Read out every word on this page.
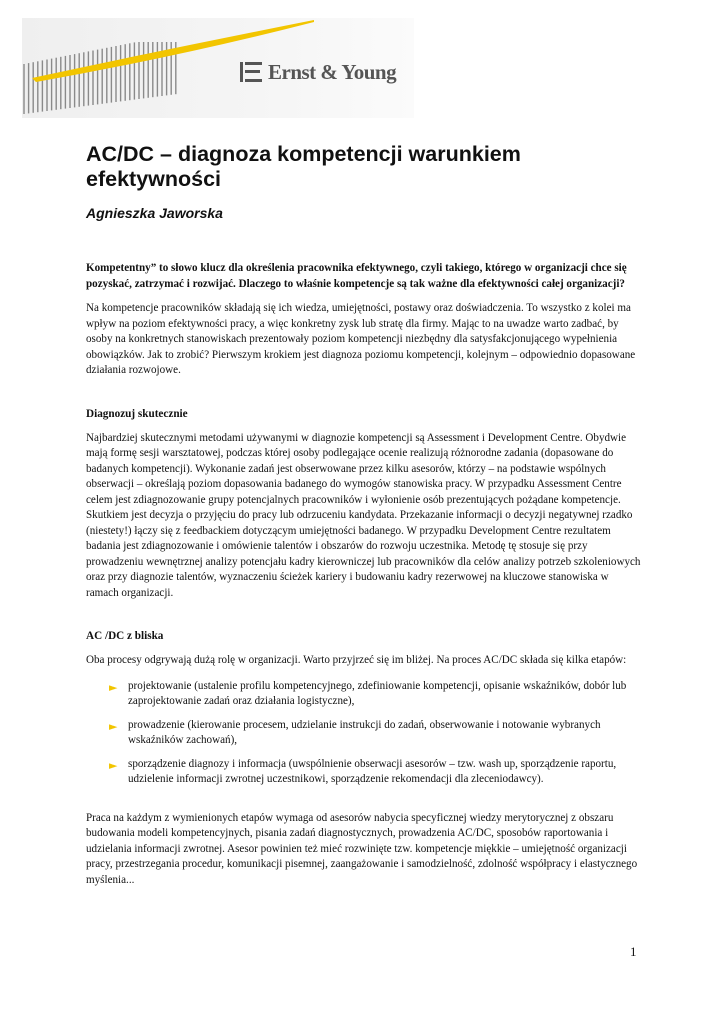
Ernst & Young
AC/DC – diagnoza kompetencji warunkiem efektywności
Agnieszka Jaworska

Kompetentny” to słowo klucz dla określenia pracownika efektywnego, czyli takiego, którego w organizacji chce się pozyskać, zatrzymać i rozwijać. Dlaczego to właśnie kompetencje są tak ważne dla efektywności całej organizacji?

Na kompetencje pracowników składają się ich wiedza, umiejętności, postawy oraz doświadczenia. To wszystko z kolei ma wpływ na poziom efektywności pracy, a więc konkretny zysk lub stratę dla firmy. Mając to na uwadze warto zadbać, by osoby na konkretnych stanowiskach prezentowały poziom kompetencji niezbędny dla satysfakcjonującego wypełnienia obowiązków. Jak to zrobić? Pierwszym krokiem jest diagnoza poziomu kompetencji, kolejnym – odpowiednio dopasowane działania rozwojowe.

Diagnozuj skutecznie

Najbardziej skutecznymi metodami używanymi w diagnozie kompetencji są Assessment i Development Centre. Obydwie mają formę sesji warsztatowej, podczas której osoby podlegające ocenie realizują różnorodne zadania (dopasowane do badanych kompetencji). Wykonanie zadań jest obserwowane przez kilku asesorów, którzy – na podstawie wspólnych obserwacji – określają poziom dopasowania badanego do wymogów stanowiska pracy. W przypadku Assessment Centre celem jest zdiagnozowanie grupy potencjalnych pracowników i wyłonienie osób prezentujących pożądane kompetencje. Skutkiem jest decyzja o przyjęciu do pracy lub odrzuceniu kandydata. Przekazanie informacji o decyzji negatywnej rzadko (niestety!) łączy się z feedbackiem dotyczącym umiejętności badanego. W przypadku Development Centre rezultatem badania jest zdiagnozowanie i omówienie talentów i obszarów do rozwoju uczestnika. Metodę tę stosuje się przy prowadzeniu wewnętrznej analizy potencjału kadry kierowniczej lub pracowników dla celów analizy potrzeb szkoleniowych oraz przy diagnozie talentów, wyznaczeniu ścieżek kariery i budowaniu kadry rezerwowej na kluczowe stanowiska w ramach organizacji.

AC /DC z bliska

Oba procesy odgrywają dużą rolę w organizacji. Warto przyjrzeć się im bliżej. Na proces AC/DC składa się kilka etapów:

► projektowanie (ustalenie profilu kompetencyjnego, zdefiniowanie kompetencji, opisanie wskaźników, dobór lub zaprojektowanie zadań oraz działania logistyczne),
► prowadzenie (kierowanie procesem, udzielanie instrukcji do zadań, obserwowanie i notowanie wybranych wskaźników zachowań),
► sporządzenie diagnozy i informacja (uwspólnienie obserwacji asesorów – tzw. wash up, sporządzenie raportu, udzielenie informacji zwrotnej uczestnikowi, sporządzenie rekomendacji dla zleceniodawcy).

Praca na każdym z wymienionych etapów wymaga od asesorów nabycia specyficznej wiedzy merytorycznej z obszaru budowania modeli kompetencyjnych, pisania zadań diagnostycznych, prowadzenia AC/DC, sposobów raportowania i udzielania informacji zwrotnej. Asesor powinien też mieć rozwinięte tzw. kompetencje miękkie – umiejętność organizacji pracy, przestrzegania procedur, komunikacji pisemnej, zaangażowanie i samodzielność, zdolność współpracy i elastycznego myślenia...

1
